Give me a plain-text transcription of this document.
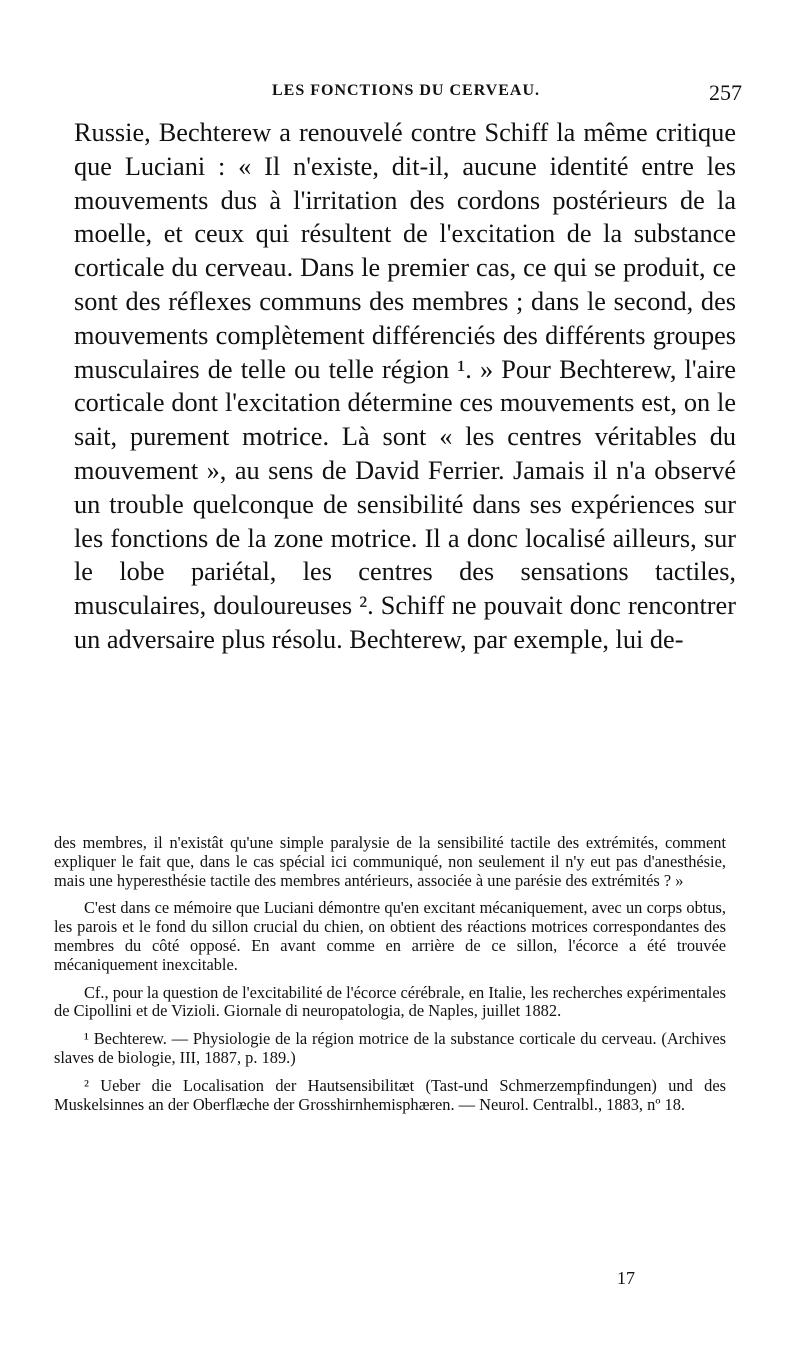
LES FONCTIONS DU CERVEAU.	257

Russie, Bechterew a renouvelé contre Schiff la même critique que Luciani : « Il n'existe, dit-il, aucune identité entre les mouvements dus à l'irritation des cordons postérieurs de la moelle, et ceux qui résultent de l'excitation de la substance corticale du cerveau. Dans le premier cas, ce qui se produit, ce sont des réflexes communs des membres ; dans le second, des mouvements complètement différenciés des différents groupes musculaires de telle ou telle région ¹. » Pour Bechterew, l'aire corticale dont l'excitation détermine ces mouvements est, on le sait, purement motrice. Là sont « les centres véritables du mouvement », au sens de David Ferrier. Jamais il n'a observé un trouble quelconque de sensibilité dans ses expériences sur les fonctions de la zone motrice. Il a donc localisé ailleurs, sur le lobe pariétal, les centres des sensations tactiles, musculaires, douloureuses ². Schiff ne pouvait donc rencontrer un adversaire plus résolu. Bechterew, par exemple, lui de-

des membres, il n'existât qu'une simple paralysie de la sensibilité tactile des extrémités, comment expliquer le fait que, dans le cas spécial ici communiqué, non seulement il n'y eut pas d'anesthésie, mais une hyperesthésie tactile des membres antérieurs, associée à une parésie des extrémités ? »

C'est dans ce mémoire que Luciani démontre qu'en excitant mécaniquement, avec un corps obtus, les parois et le fond du sillon crucial du chien, on obtient des réactions motrices correspondantes des membres du côté opposé. En avant comme en arrière de ce sillon, l'écorce a été trouvée mécaniquement inexcitable.

Cf., pour la question de l'excitabilité de l'écorce cérébrale, en Italie, les recherches expérimentales de Cipollini et de Vizioli. Giornale di neuropatologia, de Naples, juillet 1882.

¹ Bechterew. — Physiologie de la région motrice de la substance corticale du cerveau. (Archives slaves de biologie, III, 1887, p. 189.)

² Ueber die Localisation der Hautsensibilitæt (Tast-und Schmerzempfindungen) und des Muskelsinnes an der Oberflæche der Grosshirnhemisphæren. — Neurol. Centralbl., 1883, nº 18.

17
